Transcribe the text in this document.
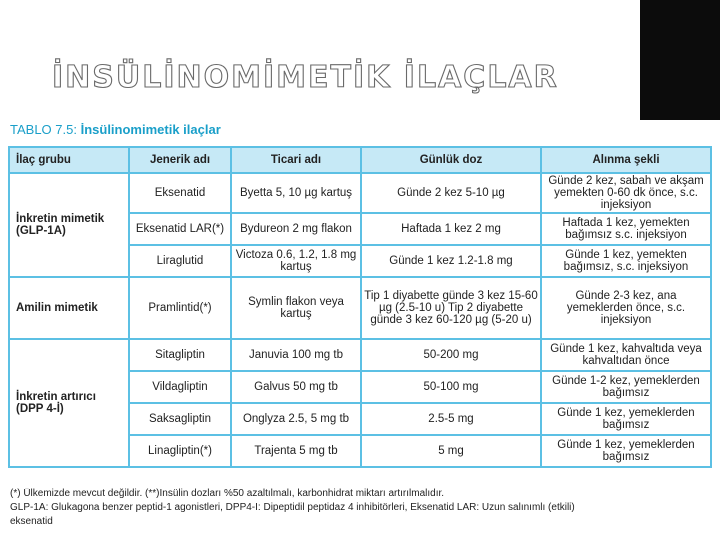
İNSÜLİNOMİMETİK İLAÇLAR
TABLO 7.5: İnsülinomimetik ilaçlar
İlaç grubu	Jenerik adı	Ticari adı	Günlük doz	Alınma şekli
İnkretin mimetik (GLP-1A)	Eksenatid	Byetta 5, 10 µg kartuş	Günde 2 kez 5-10 µg	Günde 2 kez, sabah ve akşam yemekten 0-60 dk önce, s.c. injeksiyon
	Eksenatid LAR(*)	Bydureon 2 mg flakon	Haftada 1 kez 2 mg	Haftada 1 kez, yemekten bağımsız s.c. injeksiyon
	Liraglutid	Victoza 0.6, 1.2, 1.8 mg kartuş	Günde 1 kez 1.2-1.8 mg	Günde 1 kez, yemekten bağımsız, s.c. injeksiyon
Amilin mimetik	Pramlintid(*)	Symlin flakon veya kartuş	Tip 1 diyabette günde 3 kez 15-60 µg (2.5-10 u) Tip 2 diyabette günde 3 kez 60-120 µg (5-20 u)	Günde 2-3 kez, ana yemeklerden önce, s.c. injeksiyon
İnkretin artırıcı (DPP 4-İ)	Sitagliptin	Januvia 100 mg tb	50-200 mg	Günde 1 kez, kahvaltıda veya kahvaltıdan önce
	Vildagliptin	Galvus 50 mg tb	50-100 mg	Günde 1-2 kez, yemeklerden bağımsız
	Saksagliptin	Onglyza 2.5, 5 mg tb	2.5-5 mg	Günde 1 kez, yemeklerden bağımsız
	Linagliptin(*)	Trajenta 5 mg tb	5 mg	Günde 1 kez, yemeklerden bağımsız
(*) Ülkemizde mevcut değildir. (**)İnsülin dozları %50 azaltılmalı, karbonhidrat miktarı artırılmalıdır.
GLP-1A: Glukagona benzer peptid-1 agonistleri, DPP4-İ: Dipeptidil peptidaz 4 inhibitörleri, Eksenatid LAR: Uzun salınımlı (etkili)
eksenatid
